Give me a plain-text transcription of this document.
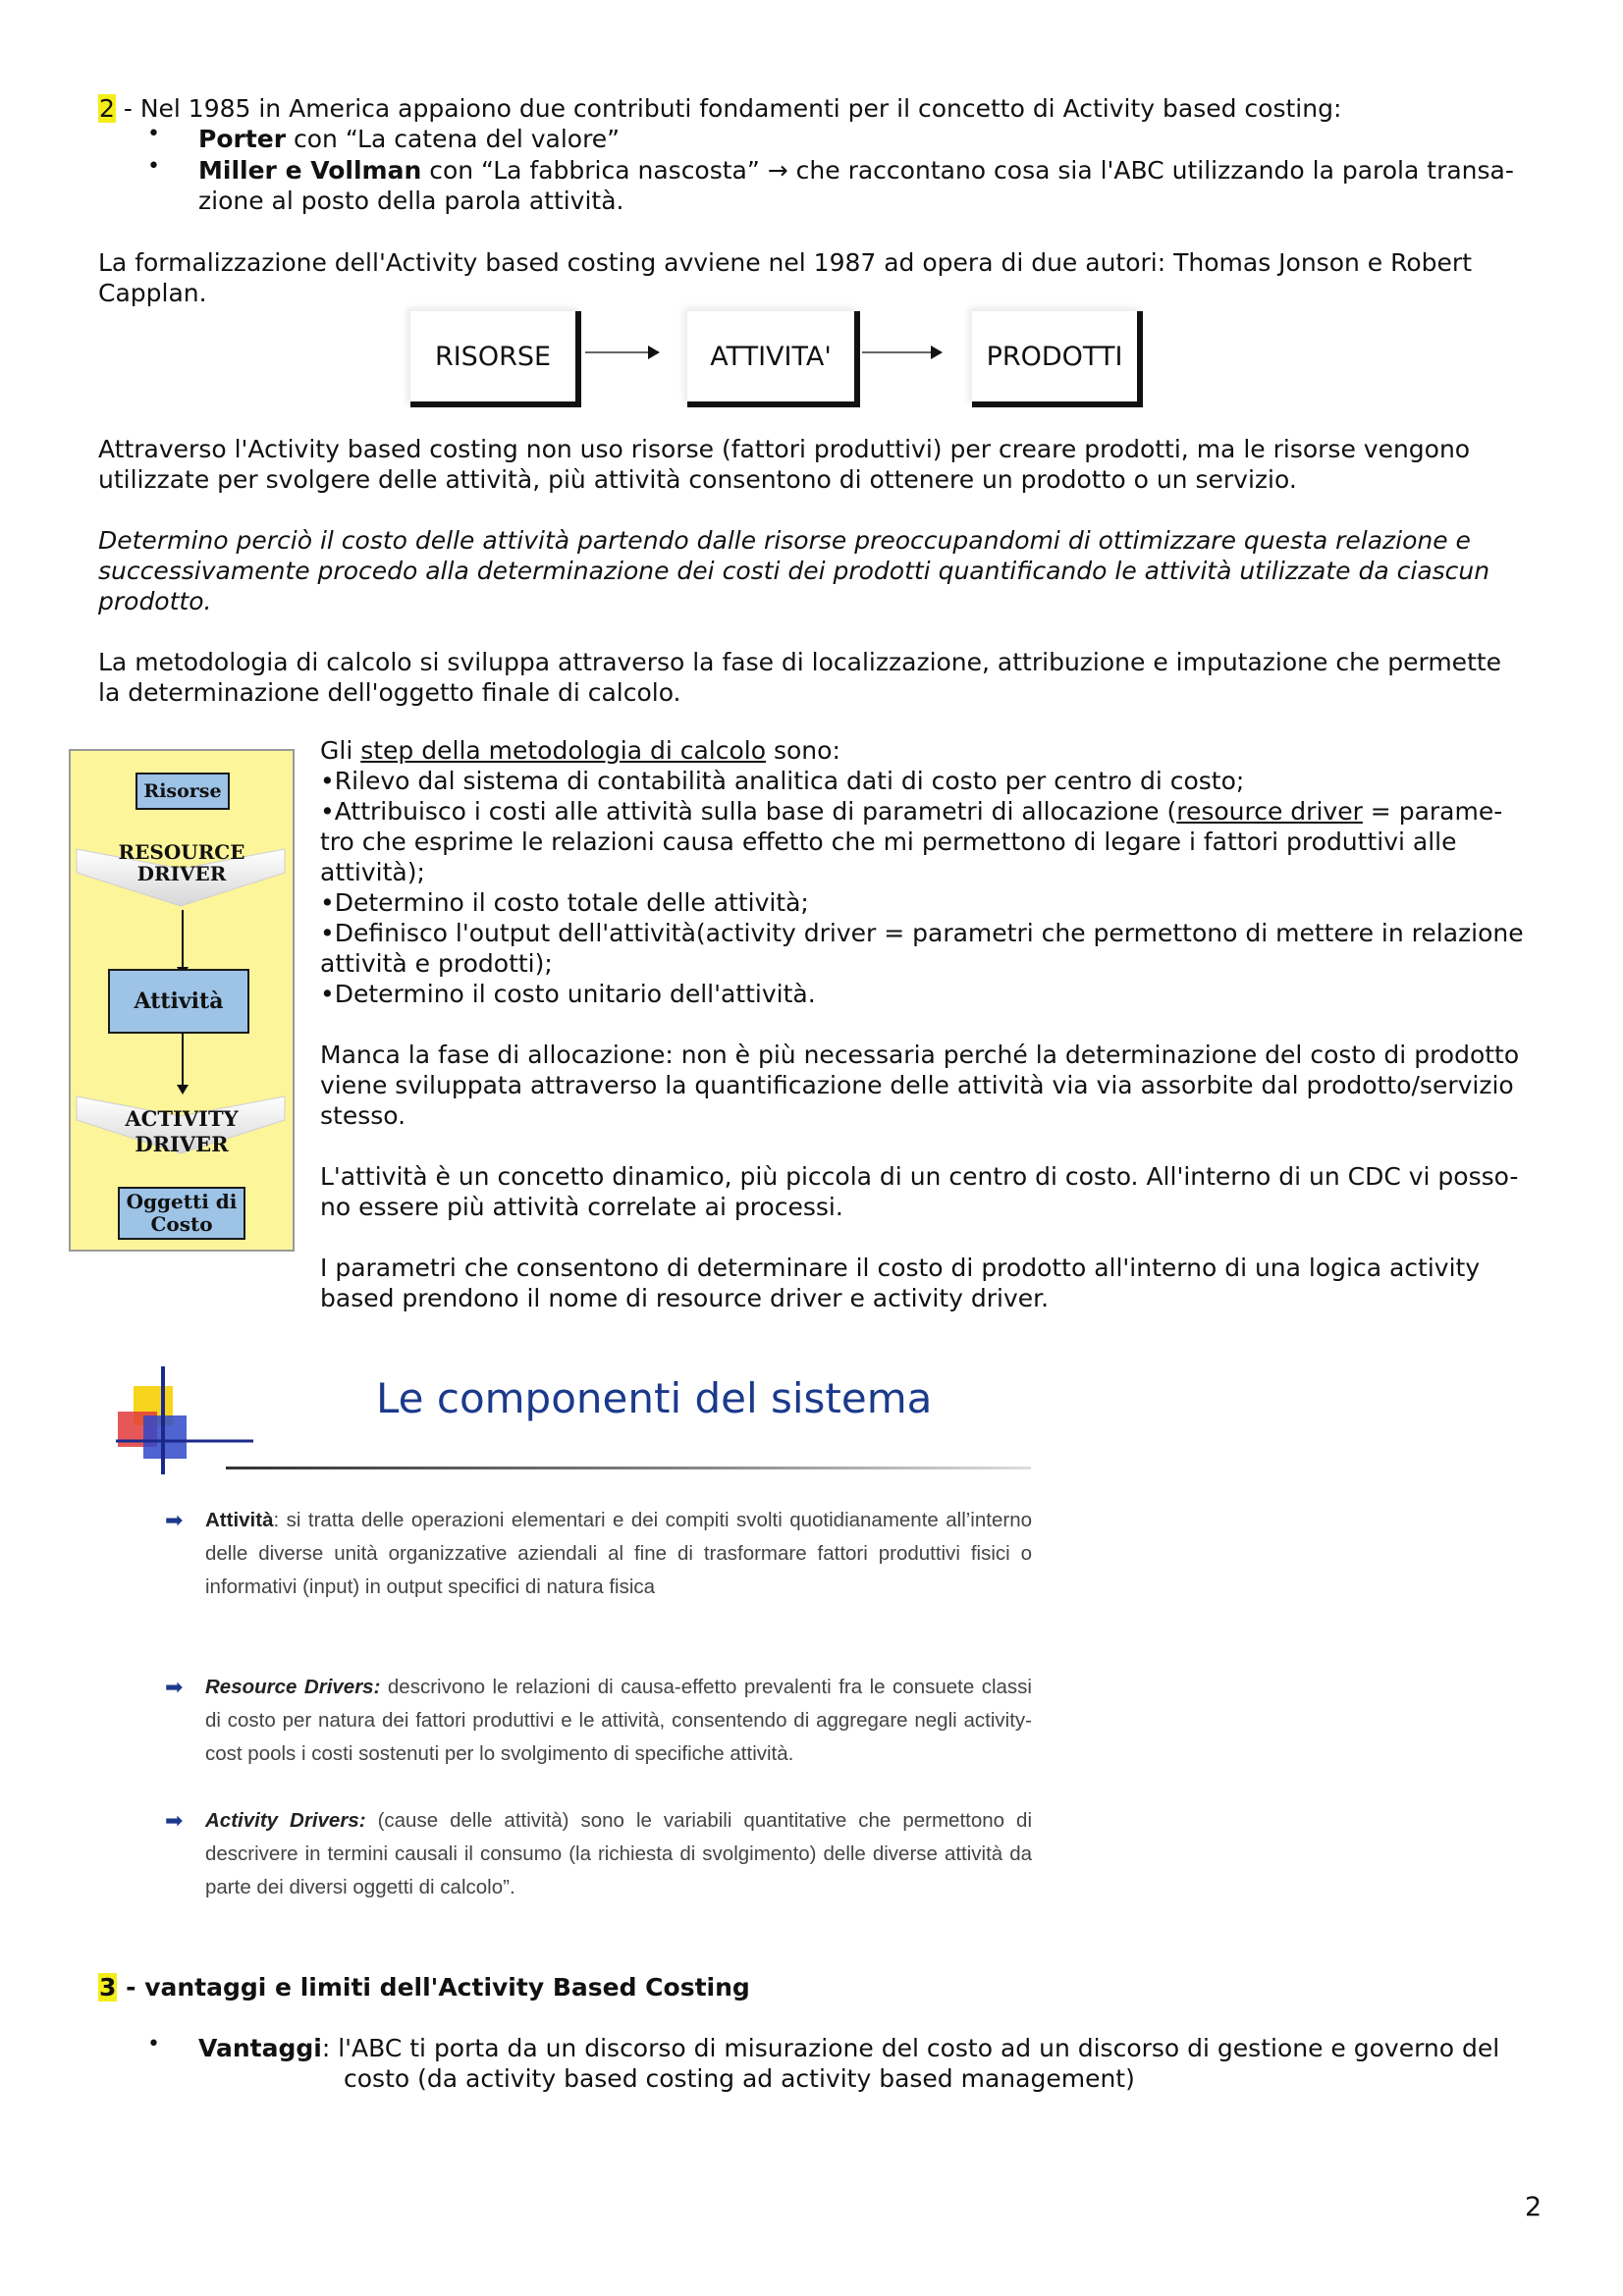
2 - Nel 1985 in America appaiono due contributi fondamenti per il concetto di Activity based costing:
• Porter con “La catena del valore”
• Miller e Vollman con “La fabbrica nascosta” → che raccontano cosa sia l'ABC utilizzando la parola transa-
zione al posto della parola attività.
La formalizzazione dell'Activity based costing avviene nel 1987 ad opera di due autori: Thomas Jonson e Robert
Capplan.
RISORSE	ATTIVITA'	PRODOTTI
Attraverso l'Activity based costing non uso risorse (fattori produttivi) per creare prodotti, ma le risorse vengono
utilizzate per svolgere delle attività, più attività consentono di ottenere un prodotto o un servizio.
Determino perciò il costo delle attività partendo dalle risorse preoccupandomi di ottimizzare questa relazione e
successivamente procedo alla determinazione dei costi dei prodotti quantificando le attività utilizzate da ciascun
prodotto.
La metodologia di calcolo si sviluppa attraverso la fase di localizzazione, attribuzione e imputazione che permette
la determinazione dell'oggetto finale di calcolo.
Risorse
RESOURCE
DRIVER
Attività
ACTIVITY
DRIVER
Oggetti di
Costo
Gli step della metodologia di calcolo sono:
•Rilevo dal sistema di contabilità analitica dati di costo per centro di costo;
•Attribuisco i costi alle attività sulla base di parametri di allocazione (resource driver = parame-
tro che esprime le relazioni causa effetto che mi permettono di legare i fattori produttivi alle
attività);
•Determino il costo totale delle attività;
•Definisco l'output dell'attività(activity driver = parametri che permettono di mettere in relazione
attività e prodotti);
•Determino il costo unitario dell'attività.
Manca la fase di allocazione: non è più necessaria perché la determinazione del costo di prodotto
viene sviluppata attraverso la quantificazione delle attività via via assorbite dal prodotto/servizio
stesso.
L'attività è un concetto dinamico, più piccola di un centro di costo. All'interno di un CDC vi posso-
no essere più attività correlate ai processi.
I parametri che consentono di determinare il costo di prodotto all'interno di una logica activity
based prendono il nome di resource driver e activity driver.
Le componenti del sistema
➡ Attività: si tratta delle operazioni elementari e dei compiti svolti quotidianamente all’interno delle diverse unità organizzative aziendali al fine di trasformare fattori produttivi fisici o informativi (input) in output specifici di natura fisica
➡ Resource Drivers: descrivono le relazioni di causa-effetto prevalenti fra le consuete classi di costo per natura dei fattori produttivi e le attività, consentendo di aggregare negli activity-cost pools i costi sostenuti per lo svolgimento di specifiche attività.
➡ Activity Drivers: (cause delle attività) sono le variabili quantitative che permettono di descrivere in termini causali il consumo (la richiesta di svolgimento) delle diverse attività da parte dei diversi oggetti di calcolo”.
3 - vantaggi e limiti dell'Activity Based Costing
• Vantaggi: l'ABC ti porta da un discorso di misurazione del costo ad un discorso di gestione e governo del
costo (da activity based costing ad activity based management)
2
